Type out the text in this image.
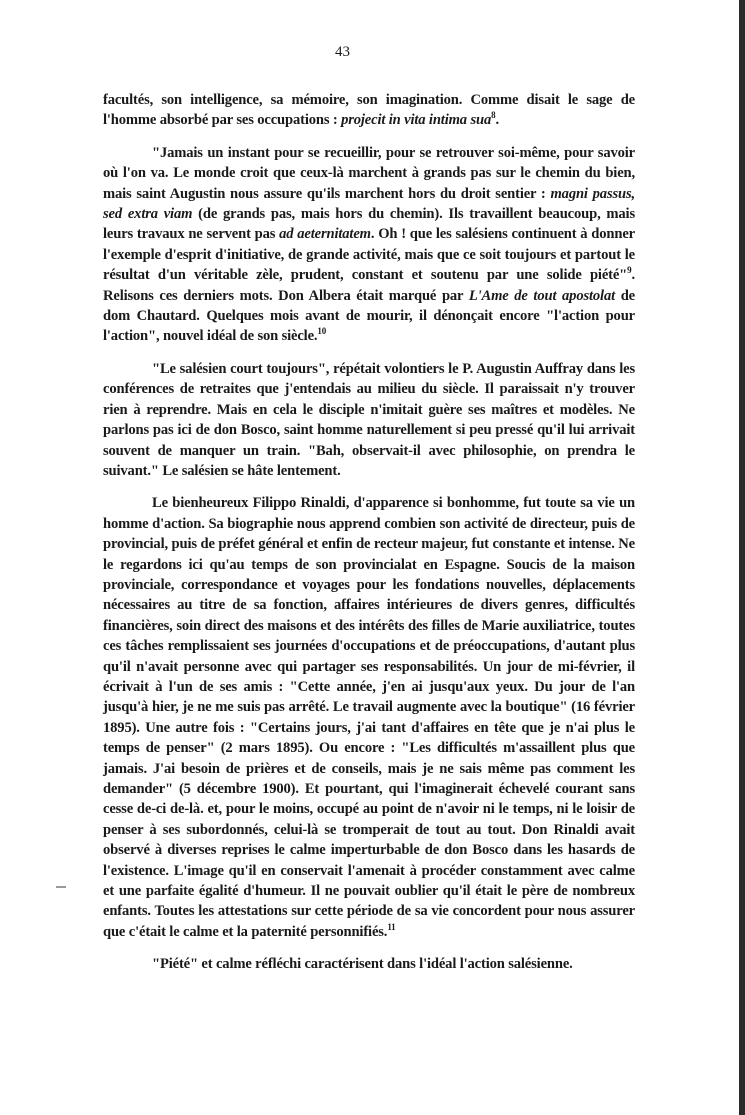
43

facultés, son intelligence, sa mémoire, son imagination. Comme disait le sage de l'homme absorbé par ses occupations : projecit in vita intima sua$^8$.

"Jamais un instant pour se recueillir, pour se retrouver soi-même, pour savoir où l'on va. Le monde croit que ceux-là marchent à grands pas sur le chemin du bien, mais saint Augustin nous assure qu'ils marchent hors du droit sentier : magni passus, sed extra viam (de grands pas, mais hors du chemin). Ils travaillent beaucoup, mais leurs travaux ne servent pas ad aeternitatem. Oh ! que les salésiens continuent à donner l'exemple d'esprit d'initiative, de grande activité, mais que ce soit toujours et partout le résultat d'un véritable zèle, prudent, constant et soutenu par une solide piété"$^9$. Relisons ces derniers mots. Don Albera était marqué par L'Ame de tout apostolat de dom Chautard. Quelques mois avant de mourir, il dénonçait encore "l'action pour l'action", nouvel idéal de son siècle.$^{10}$

"Le salésien court toujours", répétait volontiers le P. Augustin Auffray dans les conférences de retraites que j'entendais au milieu du siècle. Il paraissait n'y trouver rien à reprendre. Mais en cela le disciple n'imitait guère ses maîtres et modèles. Ne parlons pas ici de don Bosco, saint homme naturellement si peu pressé qu'il lui arrivait souvent de manquer un train. "Bah, observait-il avec philosophie, on prendra le suivant." Le salésien se hâte lentement.

Le bienheureux Filippo Rinaldi, d'apparence si bonhomme, fut toute sa vie un homme d'action. Sa biographie nous apprend combien son activité de directeur, puis de provincial, puis de préfet général et enfin de recteur majeur, fut constante et intense. Ne le regardons ici qu'au temps de son provincialat en Espagne. Soucis de la maison provinciale, correspondance et voyages pour les fondations nouvelles, déplacements nécessaires au titre de sa fonction, affaires intérieures de divers genres, difficultés financières, soin direct des maisons et des intérêts des filles de Marie auxiliatrice, toutes ces tâches remplissaient ses journées d'occupations et de préoccupations, d'autant plus qu'il n'avait personne avec qui partager ses responsabilités. Un jour de mi-février, il écrivait à l'un de ses amis : "Cette année, j'en ai jusqu'aux yeux. Du jour de l'an jusqu'à hier, je ne me suis pas arrêté. Le travail augmente avec la boutique" (16 février 1895). Une autre fois : "Certains jours, j'ai tant d'affaires en tête que je n'ai plus le temps de penser" (2 mars 1895). Ou encore : "Les difficultés m'assaillent plus que jamais. J'ai besoin de prières et de conseils, mais je ne sais même pas comment les demander" (5 décembre 1900). Et pourtant, qui l'imaginerait échevelé courant sans cesse de-ci de-là. et, pour le moins, occupé au point de n'avoir ni le temps, ni le loisir de penser à ses subordonnés, celui-là se tromperait de tout au tout. Don Rinaldi avait observé à diverses reprises le calme imperturbable de don Bosco dans les hasards de l'existence. L'image qu'il en conservait l'amenait à procéder constamment avec calme et une parfaite égalité d'humeur. Il ne pouvait oublier qu'il était le père de nombreux enfants. Toutes les attestations sur cette période de sa vie concordent pour nous assurer que c'était le calme et la paternité personnifiés.$^{11}$

"Piété" et calme réfléchi caractérisent dans l'idéal l'action salésienne.
